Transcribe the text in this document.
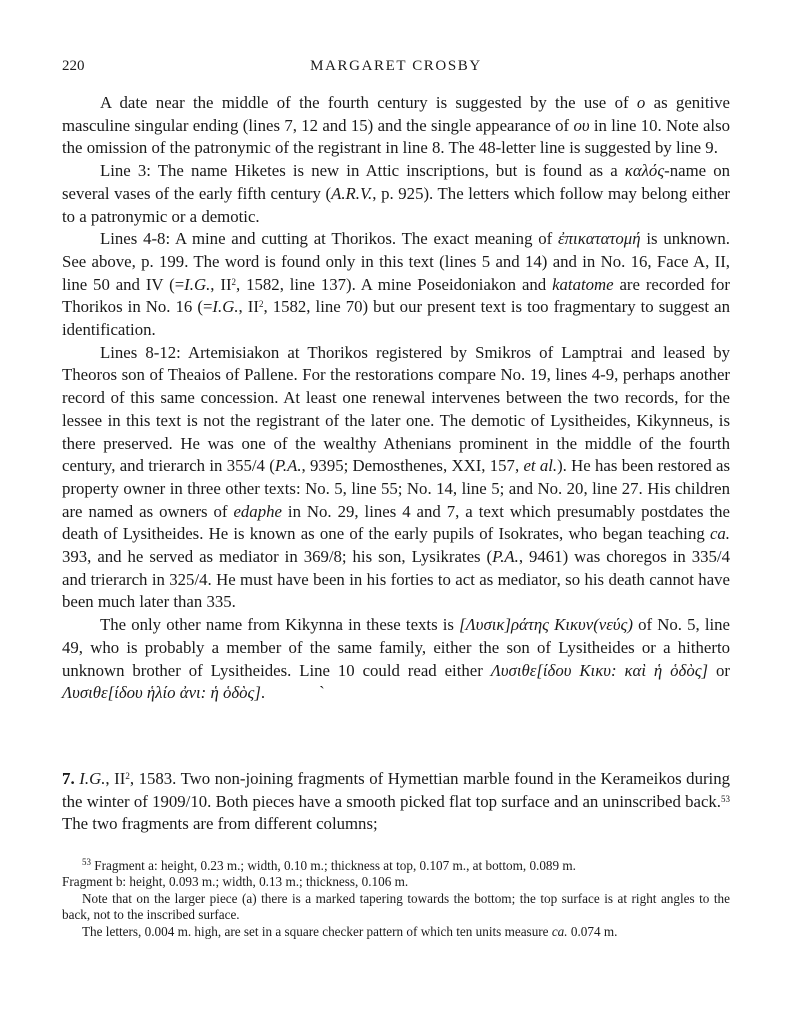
220	MARGARET CROSBY

A date near the middle of the fourth century is suggested by the use of ο as genitive masculine singular ending (lines 7, 12 and 15) and the single appearance of ου in line 10. Note also the omission of the patronymic of the registrant in line 8. The 48-letter line is suggested by line 9.

Line 3: The name Hiketes is new in Attic inscriptions, but is found as a καλός-name on several vases of the early fifth century (A.R.V., p. 925). The letters which follow may belong either to a patronymic or a demotic.

Lines 4-8: A mine and cutting at Thorikos. The exact meaning of ἐπικατατομή is unknown. See above, p. 199. The word is found only in this text (lines 5 and 14) and in No. 16, Face A, II, line 50 and IV (=I.G., $II^2$, 1582, line 137). A mine Poseidoniakon and katatome are recorded for Thorikos in No. 16 (=I.G., $II^2$, 1582, line 70) but our present text is too fragmentary to suggest an identification.

Lines 8-12: Artemisiakon at Thorikos registered by Smikros of Lamptrai and leased by Theoros son of Theaios of Pallene. For the restorations compare No. 19, lines 4-9, perhaps another record of this same concession. At least one renewal intervenes between the two records, for the lessee in this text is not the registrant of the later one. The demotic of Lysitheides, Kikynneus, is there preserved. He was one of the wealthy Athenians prominent in the middle of the fourth century, and trierarch in 355/4 (P.A., 9395; Demosthenes, XXI, 157, et al.). He has been restored as property owner in three other texts: No. 5, line 55; No. 14, line 5; and No. 20, line 27. His children are named as owners of edaphe in No. 29, lines 4 and 7, a text which presumably postdates the death of Lysitheides. He is known as one of the early pupils of Isokrates, who began teaching ca. 393, and he served as mediator in 369/8; his son, Lysikrates (P.A., 9461) was choregos in 335/4 and trierarch in 325/4. He must have been in his forties to act as mediator, so his death cannot have been much later than 335.

The only other name from Kikynna in these texts is [Λυσικ]ράτης Κικυν(νεύς) of No. 5, line 49, who is probably a member of the same family, either the son of Lysitheides or a hitherto unknown brother of Lysitheides. Line 10 could read either Λυσιθε[ίδου Κικυ: καὶ ἡ ὁδὸς] or Λυσιθε[ίδου ἡλίο ἀνι: ἡ ὁδὸς].	`

7. I.G., $II^2$, 1583. Two non-joining fragments of Hymettian marble found in the Kerameikos during the winter of 1909/10. Both pieces have a smooth picked flat top surface and an uninscribed back.$^{53}$ The two fragments are from different columns;

$^{53}$ Fragment a: height, 0.23 m.; width, 0.10 m.; thickness at top, 0.107 m., at bottom, 0.089 m.
Fragment b: height, 0.093 m.; width, 0.13 m.; thickness, 0.106 m.

Note that on the larger piece (a) there is a marked tapering towards the bottom; the top surface is at right angles to the back, not to the inscribed surface.

The letters, 0.004 m. high, are set in a square checker pattern of which ten units measure ca. 0.074 m.
